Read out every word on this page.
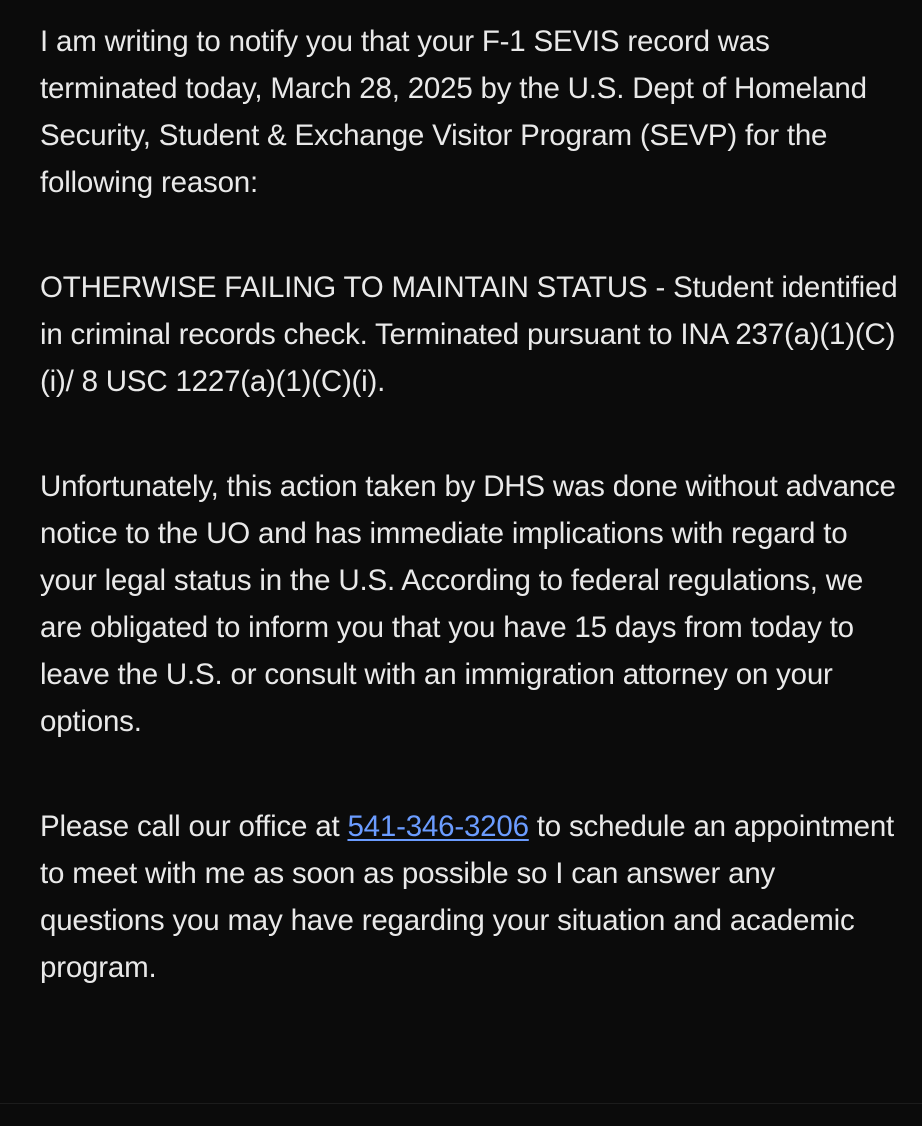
I am writing to notify you that your F-1 SEVIS record was terminated today, March 28, 2025 by the U.S. Dept of Homeland Security, Student & Exchange Visitor Program (SEVP) for the following reason:

OTHERWISE FAILING TO MAINTAIN STATUS - Student identified in criminal records check. Terminated pursuant to INA 237(a)(1)(C)(i)/ 8 USC 1227(a)(1)(C)(i).

Unfortunately, this action taken by DHS was done without advance notice to the UO and has immediate implications with regard to your legal status in the U.S. According to federal regulations, we are obligated to inform you that you have 15 days from today to leave the U.S. or consult with an immigration attorney on your options.

Please call our office at 541-346-3206 to schedule an appointment to meet with me as soon as possible so I can answer any questions you may have regarding your situation and academic program.
